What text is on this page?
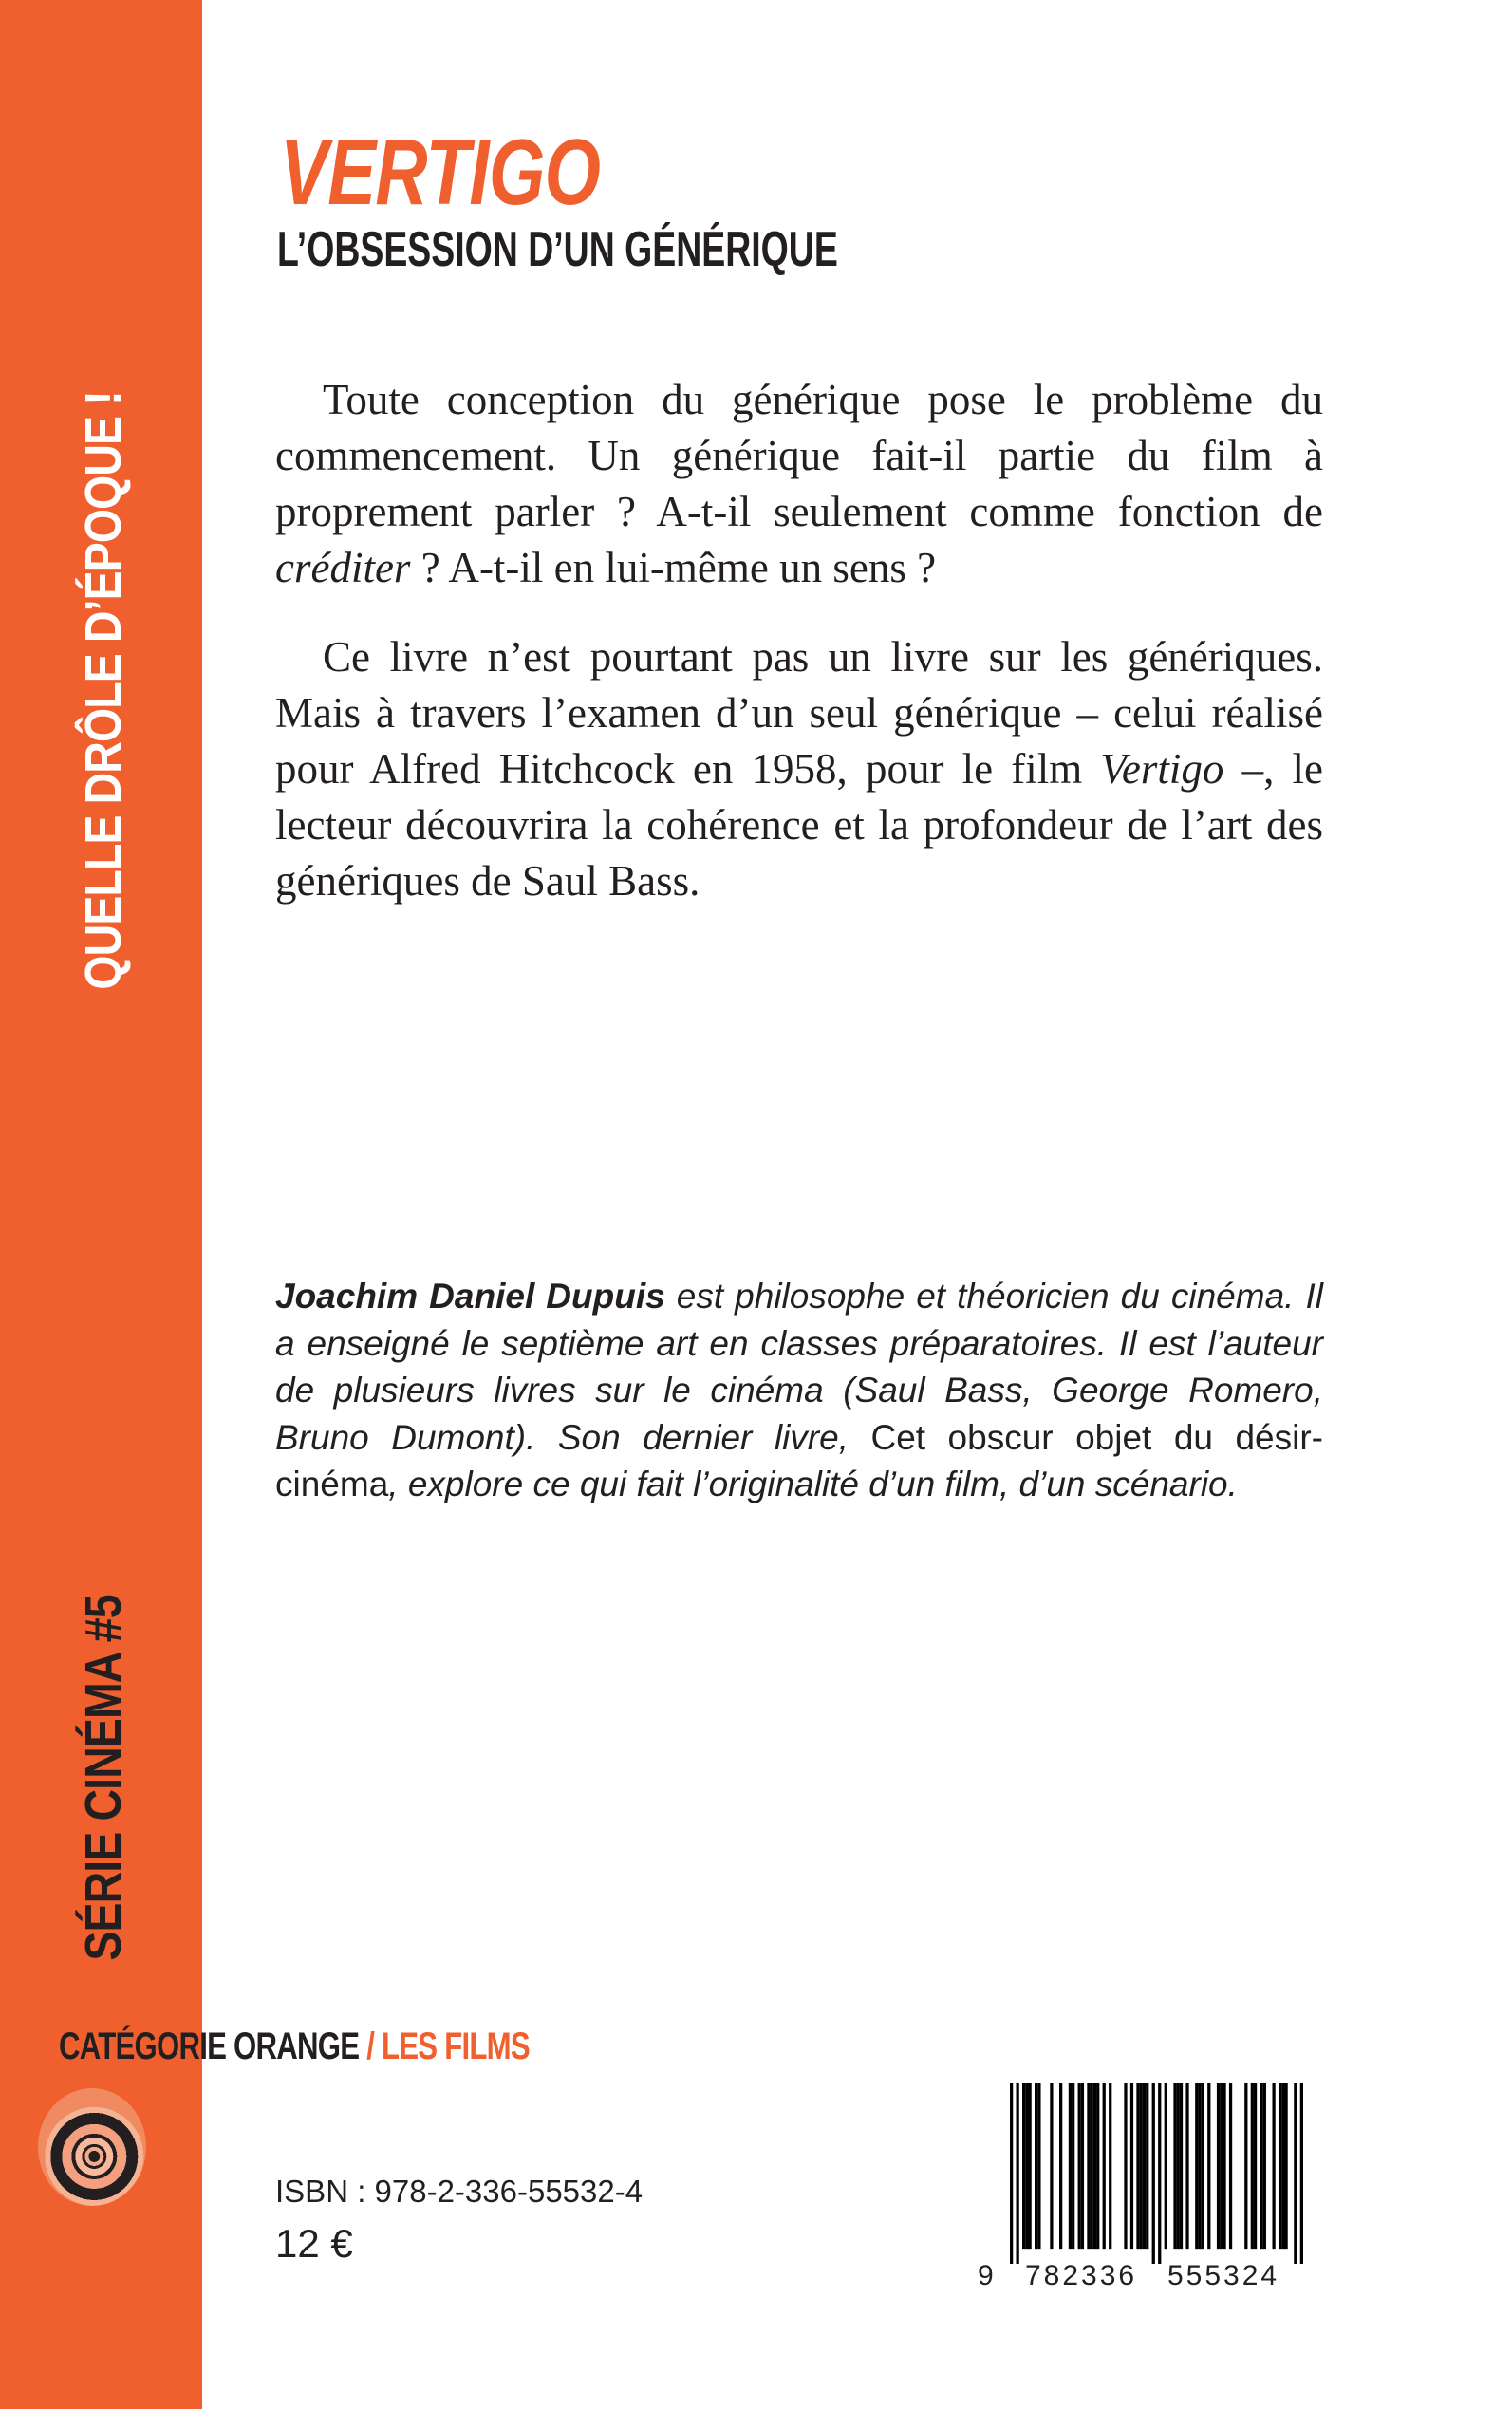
QUELLE DRÔLE D’ÉPOQUE !
SÉRIE CINÉMA #5
CATÉGORIE ORANGE / LES FILMS
VERTIGO
L’OBSESSION D’UN GÉNÉRIQUE

Toute conception du générique pose le problème du commencement. Un générique fait-il partie du film à proprement parler ? A-t-il seulement comme fonction de créditer ? A-t-il en lui-même un sens ?

Ce livre n’est pourtant pas un livre sur les génériques. Mais à travers l’examen d’un seul générique – celui réalisé pour Alfred Hitchcock en 1958, pour le film Vertigo –, le lecteur découvrira la cohérence et la profondeur de l’art des génériques de Saul Bass.

Joachim Daniel Dupuis est philosophe et théoricien du cinéma. Il a enseigné le septième art en classes préparatoires. Il est l’auteur de plusieurs livres sur le cinéma (Saul Bass, George Romero, Bruno Dumont). Son dernier livre, Cet obscur objet du désir-cinéma, explore ce qui fait l’originalité d’un film, d’un scénario.
ISBN : 978-2-336-55532-4
12 €
9 782336 555324
